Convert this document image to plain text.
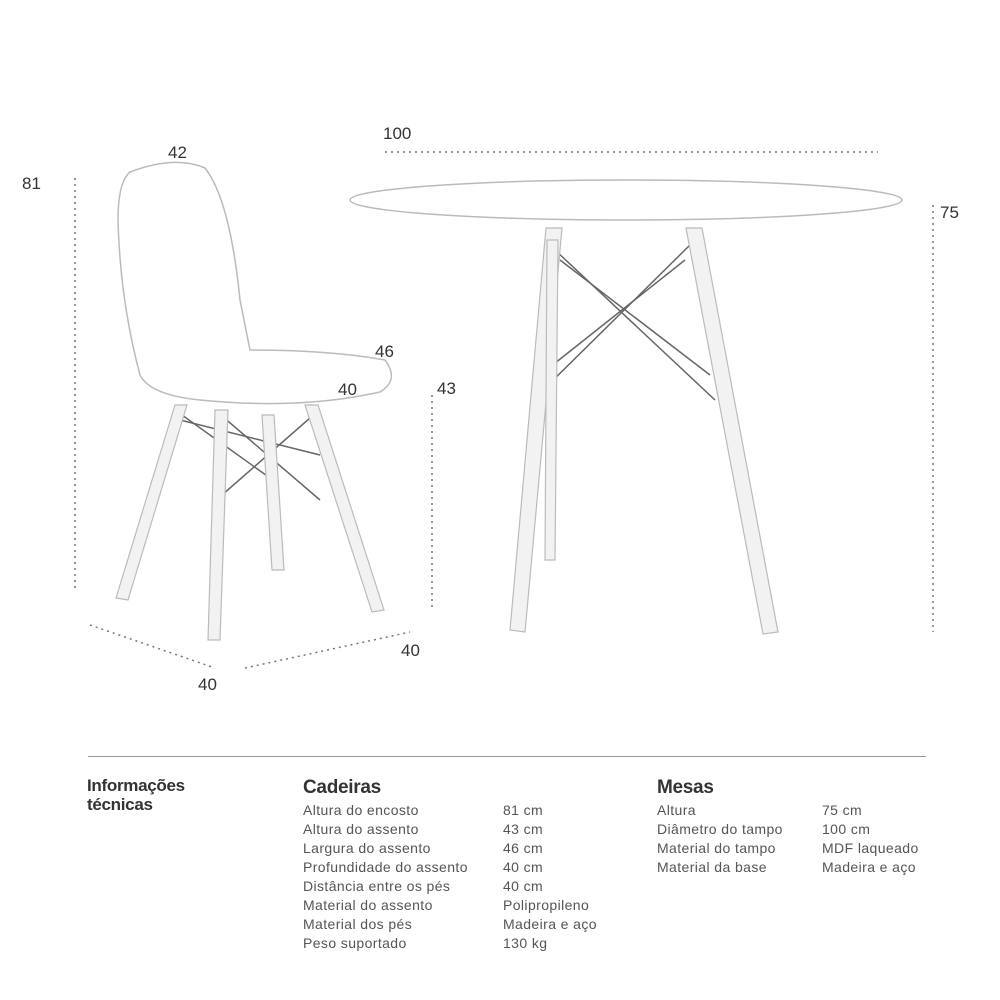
100
42
81
75
46
40	43
40
40
Informações técnicas
Cadeiras
Altura do encosto	81 cm
Altura do assento	43 cm
Largura do assento	46 cm
Profundidade do assento	40 cm
Distância entre os pés	40 cm
Material do assento	Polipropileno
Material dos pés	Madeira e aço
Peso suportado	130 kg
Mesas
Altura	75 cm
Diâmetro do tampo	100 cm
Material do tampo	MDF laqueado
Material da base	Madeira e aço
